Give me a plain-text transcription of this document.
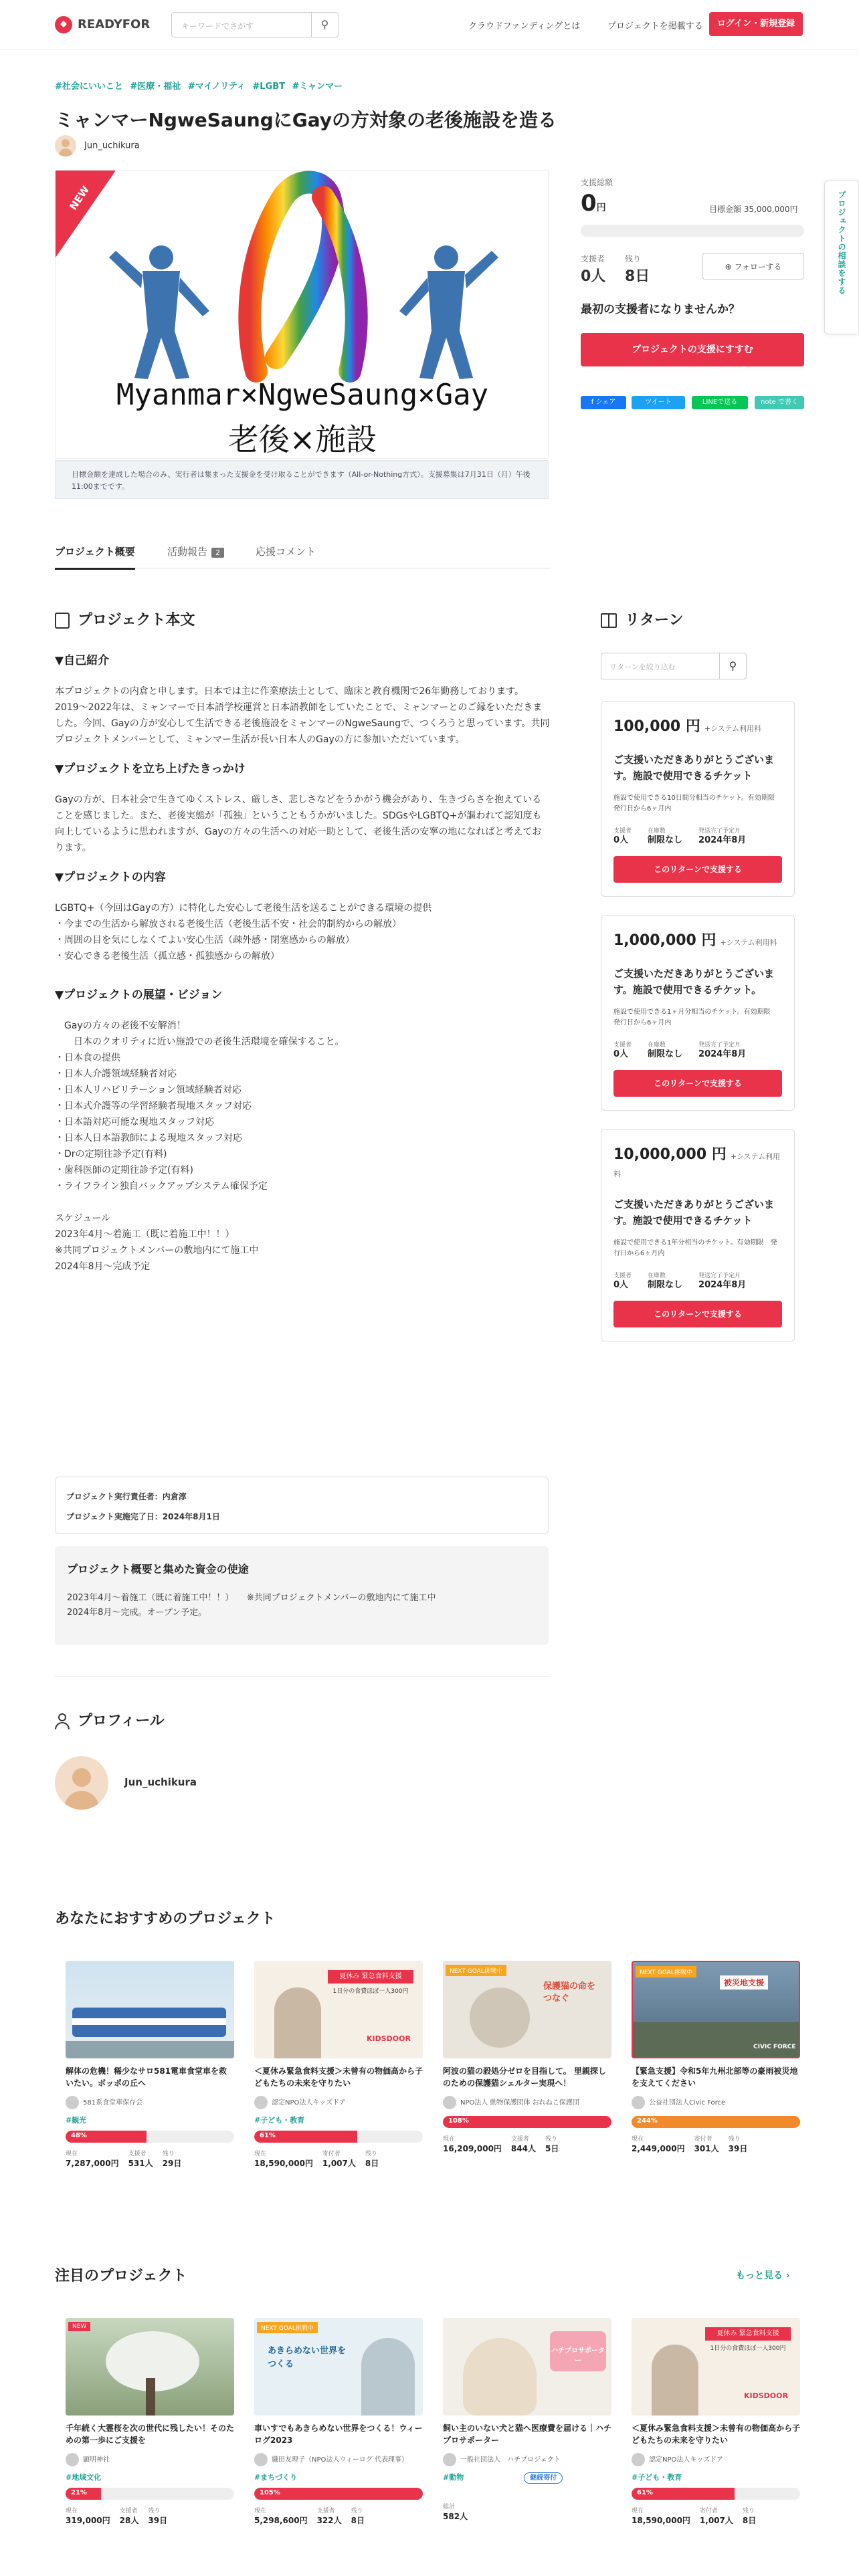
READYFOR	キーワードでさがす	⚲	クラウドファンディングとは	プロジェクトを掲載する	ログイン・新規登録
#社会にいいこと #医療・福祉 #マイノリティ #LGBT #ミャンマー
ミャンマーNgweSaungにGayの方対象の老後施設を造る
Jun_uchikura
NEW
Myanmar×NgweSaung×Gay
老後×施設
目標金額を達成した場合のみ、実行者は集まった支援金を受け取ることができます（All-or-Nothing方式）。支援募集は7月31日（月）午後11:00までです。
支援総額
0円	目標金額 35,000,000円
支援者
0人
残り
8日
⊕ フォローする
最初の支援者になりませんか？
プロジェクトの支援にすすむ
f シェア	ツイート	LINEで送る	note で書く
プロジェクトの相談をする
プロジェクト概要	活動報告 2	応援コメント
プロジェクト本文
▼自己紹介
本プロジェクトの内倉と申します。日本では主に作業療法士として、臨床と教育機関で26年勤務しております。2019〜2022年は、ミャンマーで日本語学校運営と日本語教師をしていたことで、ミャンマーとのご縁をいただきました。今回、Gayの方が安心して生活できる老後施設をミャンマーのNgweSaungで、つくろうと思っています。共同プロジェクトメンバーとして、ミャンマー生活が長い日本人のGayの方に参加いただいています。
▼プロジェクトを立ち上げたきっかけ
Gayの方が、日本社会で生きてゆくストレス、厳しさ、悲しさなどをうかがう機会があり、生きづらさを抱えていることを感じました。また、老後実態が「孤独」ということもうかがいました。SDGsやLGBTQ+が謳われて認知度も向上しているように思われますが、Gayの方々の生活への対応一助として、老後生活の安寧の地になればと考えております。
▼プロジェクトの内容
LGBTQ+（今回はGayの方）に特化した安心して老後生活を送ることができる環境の提供
・今までの生活から解放される老後生活（老後生活不安・社会的制約からの解放）
・周囲の目を気にしなくてよい安心生活（疎外感・閉塞感からの解放）
・安心できる老後生活（孤立感・孤独感からの解放）
▼プロジェクトの展望・ビジョン
　Gayの方々の老後不安解消！
　　日本のクオリティに近い施設での老後生活環境を確保すること。
・日本食の提供
・日本人介護領域経験者対応
・日本人リハビリテーション領域経験者対応
・日本式介護等の学習経験者現地スタッフ対応
・日本語対応可能な現地スタッフ対応
・日本人日本語教師による現地スタッフ対応
・Drの定期往診予定(有料)
・歯科医師の定期往診予定(有料)
・ライフライン独自バックアップシステム確保予定
スケジュール
2023年4月〜着施工（既に着施工中！！）
※共同プロジェクトメンバーの敷地内にて施工中
2024年8月〜完成予定
プロジェクト実行責任者：内倉淳
プロジェクト実施完了日：2024年8月1日
プロジェクト概要と集めた資金の使途
2023年4月〜着施工（既に着施工中！！）　　※共同プロジェクトメンバーの敷地内にて施工中
2024年8月〜完成。オープン予定。
プロフィール
Jun_uchikura
リターン
リターンを絞り込む	⚲
100,000 円 +システム利用料
ご支援いただきありがとうございます。施設で使用できるチケット
施設で使用できる10日間分相当のチケット。有効期限　発行日から6ヶ月内
支援者
0人
在庫数
制限なし
発送完了予定月
2024年8月
このリターンで支援する
1,000,000 円 +システム利用料
ご支援いただきありがとうございます。施設で使用できるチケット。
施設で使用できる1ヶ月分相当のチケット。有効期限　発行日から6ヶ月内
支援者
0人
在庫数
制限なし
発送完了予定月
2024年8月
このリターンで支援する
10,000,000 円 +システム利用料
ご支援いただきありがとうございます。施設で使用できるチケット
施設で使用できる1年分相当のチケット。有効期限　発行日から6ヶ月内
支援者
0人
在庫数
制限なし
発送完了予定月
2024年8月
このリターンで支援する
あなたにおすすめのプロジェクト
解体の危機！稀少なサロ581電車食堂車を救いたい。ボッポの丘へ
581系食堂車保存会
#観光
48%
現在
7,287,000円
支援者
531人
残り
29日
夏休み 緊急食料支援
1日分の食費ほぼ一人300円
KIDSDOOR
＜夏休み緊急食料支援＞未曾有の物価高から子どもたちの未来を守りたい
認定NPO法人キッズドア
#子ども・教育
61%
現在
18,590,000円
寄付者
1,007人
残り
8日
NEXT GOAL挑戦中
保護猫の命をつなぐ
阿波の猫の殺処分ゼロを目指して。 里親探しのための保護猫シェルター実現へ！
NPO法人 動物保護団体 おれねこ保護団
108%
現在
16,209,000円
支援者
844人
残り
5日
NEXT GOAL挑戦中
被災地支援
CIVIC FORCE
【緊急支援】令和5年九州北部等の豪雨被災地を支えてください
公益社団法人Civic Force
244%
現在
2,449,000円
寄付者
301人
残り
39日
注目のプロジェクト	もっと見る ›
NEW
千年続く大霊桜を次の世代に残したい！そのための第一歩にご支援を
顕明神社
#地域文化
21%
現在
319,000円
支援者
28人
残り
39日
NEXT GOAL挑戦中
あきらめない世界をつくる
車いすでもあきらめない世界をつくる！ウィーログ2023
織田友理子（NPO法人ウィーログ 代表理事）
#まちづくり
105%
現在
5,298,600円
支援者
322人
残り
8日
ハチプロサポーター
飼い主のいない犬と猫へ医療費を届ける｜ハチプロサポーター
一般社団法人　ハチプロジェクト
#動物	継続寄付
総計
582人
夏休み 緊急食料支援
1日分の食費ほぼ一人300円
KIDSDOOR
＜夏休み緊急食料支援＞未曾有の物価高から子どもたちの未来を守りたい
認定NPO法人キッズドア
#子ども・教育
61%
現在
18,590,000円
寄付者
1,007人
残り
8日
